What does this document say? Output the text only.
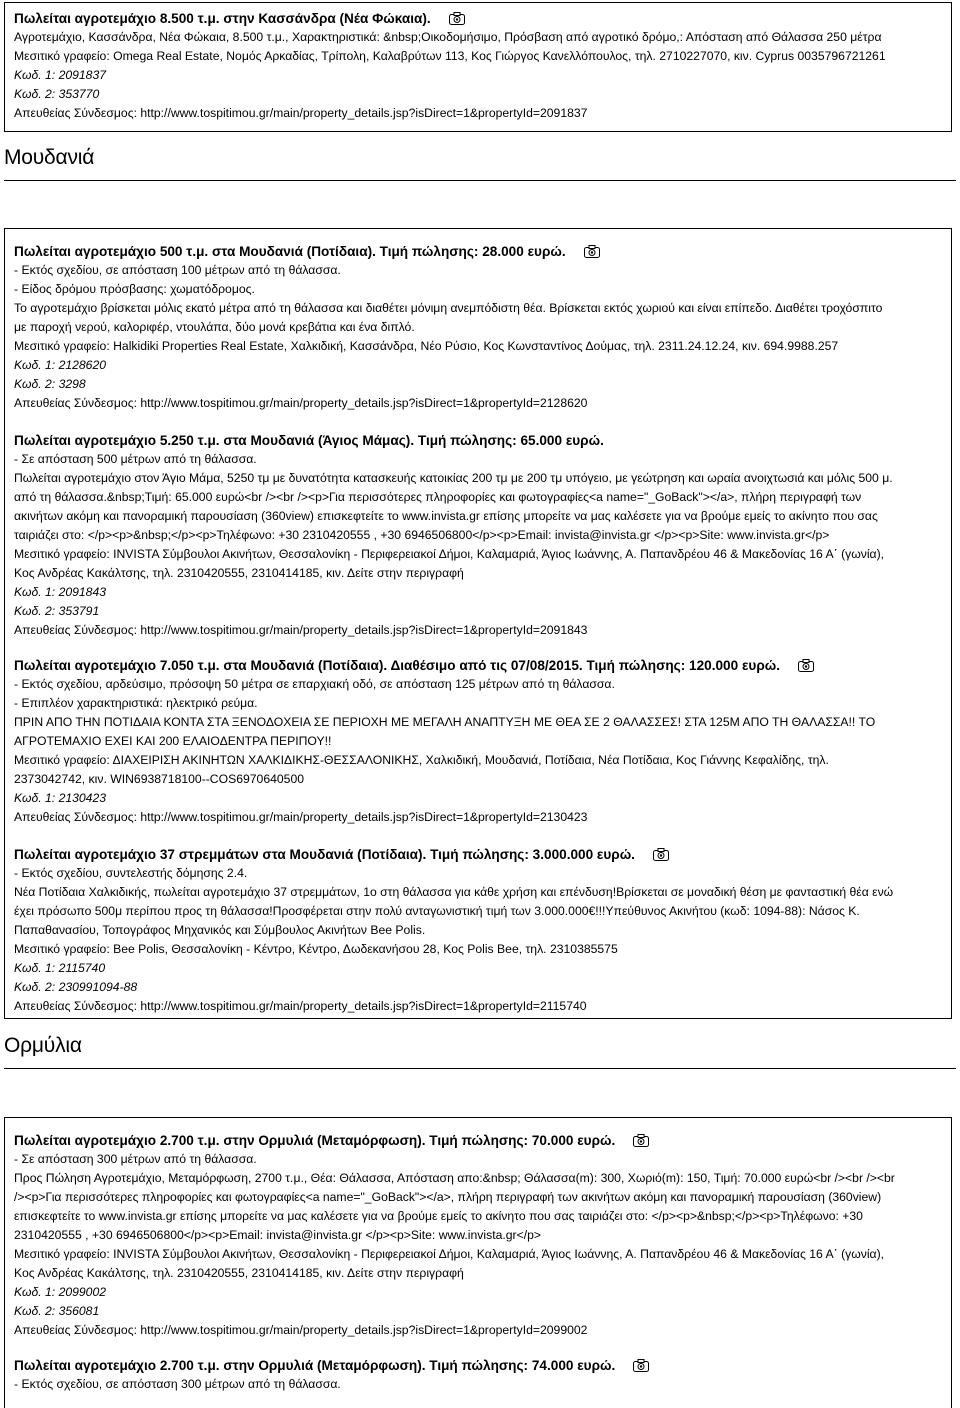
Πωλείται αγροτεμάχιο 8.500 τ.μ. στην Κασσάνδρα (Νέα Φώκαια).
Αγροτεμάχιο, Κασσάνδρα, Νέα Φώκαια, 8.500 τ.μ., Χαρακτηριστικά: &nbsp;Οικοδομήσιμο, Πρόσβαση από αγροτικό δρόμο,: Απόσταση από Θάλασσα 250 μέτρα
Μεσιτικό γραφείο: Omega Real Estate, Νομός Αρκαδίας, Τρίπολη, Καλαβρύτων 113, Κος Γιώργος Κανελλόπουλος, τηλ. 2710227070, κιν. Cyprus 0035796721261
Κωδ. 1: 2091837
Κωδ. 2: 353770
Απευθείας Σύνδεσμος: http://www.tospitimou.gr/main/property_details.jsp?isDirect=1&propertyId=2091837
Μουδανιά
Πωλείται αγροτεμάχιο 500 τ.μ. στα Μουδανιά (Ποτίδαια). Τιμή πώλησης: 28.000 ευρώ.
- Εκτός σχεδίου, σε απόσταση 100 μέτρων από τη θάλασσα.
- Είδος δρόμου πρόσβασης: χωματόδρομος.
Το αγροτεμάχιο βρίσκεται μόλις εκατό μέτρα από τη θάλασσα και διαθέτει μόνιμη ανεμπόδιστη θέα. Βρίσκεται εκτός χωριού και είναι επίπεδο. Διαθέτει τροχόσπιτο
με παροχή νερού, καλοριφέρ, ντουλάπα, δύο μονά κρεβάτια και ένα διπλό.
Μεσιτικό γραφείο: Halkidiki Properties Real Estate, Χαλκιδική, Κασσάνδρα, Νέο Ρύσιο, Κος Κωνσταντίνος Δούμας, τηλ. 2311.24.12.24, κιν. 694.9988.257
Κωδ. 1: 2128620
Κωδ. 2: 3298
Απευθείας Σύνδεσμος: http://www.tospitimou.gr/main/property_details.jsp?isDirect=1&propertyId=2128620
Πωλείται αγροτεμάχιο 5.250 τ.μ. στα Μουδανιά (Άγιος Μάμας). Τιμή πώλησης: 65.000 ευρώ.
- Σε απόσταση 500 μέτρων από τη θάλασσα.
Πωλείται αγροτεμάχιο στον Άγιο Μάμα, 5250 τμ με δυνατότητα κατασκευής κατοικίας 200 τμ με 200 τμ υπόγειο, με γεώτρηση και ωραία ανοιχτωσιά και μόλις 500 μ.
από τη θάλασσα.&nbsp;Τιμή: 65.000 ευρώ<br /><br /><p>Για περισσότερες πληροφορίες και φωτογραφίες<a name="_GoBack"></a>, πλήρη περιγραφή των
ακινήτων ακόμη και πανοραμική παρουσίαση (360view) επισκεφτείτε το www.invista.gr επίσης μπορείτε να μας καλέσετε για να βρούμε εμείς το ακίνητο που σας
ταιριάζει στο: </p><p>&nbsp;</p><p>Τηλέφωνο: +30 2310420555 , +30 6946506800</p><p>Email: invista@invista.gr </p><p>Site: www.invista.gr</p>
Μεσιτικό γραφείο: INVISTA Σύμβουλοι Ακινήτων, Θεσσαλονίκη - Περιφερειακοί Δήμοι, Καλαμαριά, Άγιος Ιωάννης, Α. Παπανδρέου 46 & Μακεδονίας 16 Α΄ (γωνία),
Κος Ανδρέας Κακάλτσης, τηλ. 2310420555, 2310414185, κιν. Δείτε στην περιγραφή
Κωδ. 1: 2091843
Κωδ. 2: 353791
Απευθείας Σύνδεσμος: http://www.tospitimou.gr/main/property_details.jsp?isDirect=1&propertyId=2091843
Πωλείται αγροτεμάχιο 7.050 τ.μ. στα Μουδανιά (Ποτίδαια). Διαθέσιμο από τις 07/08/2015. Τιμή πώλησης: 120.000 ευρώ.
- Εκτός σχεδίου, αρδεύσιμο, πρόσοψη 50 μέτρα σε επαρχιακή οδό, σε απόσταση 125 μέτρων από τη θάλασσα.
- Επιπλέον χαρακτηριστικά: ηλεκτρικό ρεύμα.
ΠΡΙΝ ΑΠΟ ΤΗΝ ΠΟΤΙΔΑΙΑ ΚΟΝΤΑ ΣΤΑ ΞΕΝΟΔΟΧΕΙΑ ΣΕ ΠΕΡΙΟΧΗ ΜΕ ΜΕΓΑΛΗ ΑΝΑΠΤΥΞΗ ΜΕ ΘΕΑ ΣΕ 2 ΘΑΛΑΣΣΕΣ! ΣΤΑ 125Μ ΑΠΟ ΤΗ ΘΑΛΑΣΣΑ!! ΤΟ
ΑΓΡΟΤΕΜΑΧΙΟ ΕΧΕΙ ΚΑΙ 200 ΕΛΑΙΟΔΕΝΤΡΑ ΠΕΡΙΠΟΥ!!
Μεσιτικό γραφείο: ΔΙΑΧΕΙΡΙΣΗ ΑΚΙΝΗΤΩΝ ΧΑΛΚΙΔΙΚΗΣ-ΘΕΣΣΑΛΟΝΙΚΗΣ, Χαλκιδική, Μουδανιά, Ποτίδαια, Νέα Ποτίδαια, Κος Γιάννης Κεφαλίδης, τηλ.
2373042742, κιν. WIN6938718100--COS6970640500
Κωδ. 1: 2130423
Απευθείας Σύνδεσμος: http://www.tospitimou.gr/main/property_details.jsp?isDirect=1&propertyId=2130423
Πωλείται αγροτεμάχιο 37 στρεμμάτων στα Μουδανιά (Ποτίδαια). Τιμή πώλησης: 3.000.000 ευρώ.
- Εκτός σχεδίου, συντελεστής δόμησης 2.4.
Νέα Ποτίδαια Χαλκιδικής, πωλείται αγροτεμάχιο 37 στρεμμάτων, 1ο στη θάλασσα για κάθε χρήση και επένδυση!Βρίσκεται σε μοναδική θέση με φανταστική θέα ενώ
έχει πρόσωπο 500μ περίπου προς τη θάλασσα!Προσφέρεται στην πολύ ανταγωνιστική τιμή των 3.000.000€!!!Υπεύθυνος Ακινήτου (κωδ: 1094-88): Νάσος Κ.
Παπαθανασίου, Τοπογράφος Μηχανικός και Σύμβουλος Ακινήτων Bee Polis.
Μεσιτικό γραφείο: Bee Polis, Θεσσαλονίκη - Κέντρο, Κέντρο, Δωδεκανήσου 28, Κος Polis Bee, τηλ. 2310385575
Κωδ. 1: 2115740
Κωδ. 2: 230991094-88
Απευθείας Σύνδεσμος: http://www.tospitimou.gr/main/property_details.jsp?isDirect=1&propertyId=2115740
Ορμύλια
Πωλείται αγροτεμάχιο 2.700 τ.μ. στην Ορμυλιά (Μεταμόρφωση). Τιμή πώλησης: 70.000 ευρώ.
- Σε απόσταση 300 μέτρων από τη θάλασσα.
Προς Πώληση Αγροτεμάχιο, Μεταμόρφωση, 2700 τ.μ., Θέα: Θάλασσα, Απόσταση απο:&nbsp; Θάλασσα(m): 300, Χωριό(m): 150, Τιμή: 70.000 ευρώ<br /><br /><br
/><p>Για περισσότερες πληροφορίες και φωτογραφίες<a name="_GoBack"></a>, πλήρη περιγραφή των ακινήτων ακόμη και πανοραμική παρουσίαση (360view)
επισκεφτείτε το www.invista.gr επίσης μπορείτε να μας καλέσετε για να βρούμε εμείς το ακίνητο που σας ταιριάζει στο: </p><p>&nbsp;</p><p>Τηλέφωνο: +30
2310420555 , +30 6946506800</p><p>Email: invista@invista.gr </p><p>Site: www.invista.gr</p>
Μεσιτικό γραφείο: INVISTA Σύμβουλοι Ακινήτων, Θεσσαλονίκη - Περιφερειακοί Δήμοι, Καλαμαριά, Άγιος Ιωάννης, Α. Παπανδρέου 46 & Μακεδονίας 16 Α΄ (γωνία),
Κος Ανδρέας Κακάλτσης, τηλ. 2310420555, 2310414185, κιν. Δείτε στην περιγραφή
Κωδ. 1: 2099002
Κωδ. 2: 356081
Απευθείας Σύνδεσμος: http://www.tospitimou.gr/main/property_details.jsp?isDirect=1&propertyId=2099002
Πωλείται αγροτεμάχιο 2.700 τ.μ. στην Ορμυλιά (Μεταμόρφωση). Τιμή πώλησης: 74.000 ευρώ.
- Εκτός σχεδίου, σε απόσταση 300 μέτρων από τη θάλασσα.
